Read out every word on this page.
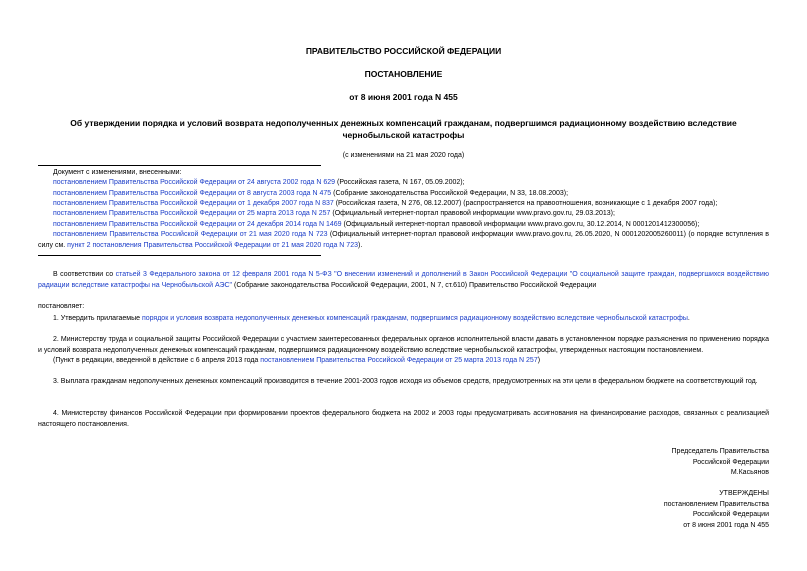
ПРАВИТЕЛЬСТВО РОССИЙСКОЙ ФЕДЕРАЦИИ
ПОСТАНОВЛЕНИЕ
от 8 июня 2001 года N 455
Об утверждении порядка и условий возврата недополученных денежных компенсаций гражданам, подвергшимся радиационному воздействию вследствие чернобыльской катастрофы
(с изменениями на 21 мая 2020 года)

Документ с изменениями, внесенными:

постановлением Правительства Российской Федерации от 24 августа 2002 года N 629 (Российская газета, N 167, 05.09.2002);

постановлением Правительства Российской Федерации от 8 августа 2003 года N 475 (Собрание законодательства Российской Федерации, N 33, 18.08.2003);

постановлением Правительства Российской Федерации от 1 декабря 2007 года N 837 (Российская газета, N 276, 08.12.2007) (распространяется на правоотношения, возникающие с 1 декабря 2007 года);

постановлением Правительства Российской Федерации от 25 марта 2013 года N 257 (Официальный интернет-портал правовой информации www.pravo.gov.ru, 29.03.2013);

постановлением Правительства Российской Федерации от 24 декабря 2014 года N 1469 (Официальный интернет-портал правовой информации www.pravo.gov.ru, 30.12.2014, N 0001201412300056);

постановлением Правительства Российской Федерации от 21 мая 2020 года N 723 (Официальный интернет-портал правовой информации www.pravo.gov.ru, 26.05.2020, N 0001202005260011) (о порядке вступления в силу см. пункт 2 постановления Правительства Российской Федерации от 21 мая 2020 года N 723).

В соответствии со статьей 3 Федерального закона от 12 февраля 2001 года N 5-ФЗ "О внесении изменений и дополнений в Закон Российской Федерации "О социальной защите граждан, подвергшихся воздействию радиации вследствие катастрофы на Чернобыльской АЭС" (Собрание законодательства Российской Федерации, 2001, N 7, ст.610) Правительство Российской Федерации

постановляет:

1. Утвердить прилагаемые порядок и условия возврата недополученных денежных компенсаций гражданам, подвергшимся радиационному воздействию вследствие чернобыльской катастрофы.

2. Министерству труда и социальной защиты Российской Федерации с участием заинтересованных федеральных органов исполнительной власти давать в установленном порядке разъяснения по применению порядка и условий возврата недополученных денежных компенсаций гражданам, подвергшимся радиационному воздействию вследствие чернобыльской катастрофы, утвержденных настоящим постановлением.

(Пункт в редакции, введенной в действие с 6 апреля 2013 года постановлением Правительства Российской Федерации от 25 марта 2013 года N 257)

3. Выплата гражданам недополученных денежных компенсаций производится в течение 2001-2003 годов исходя из объемов средств, предусмотренных на эти цели в федеральном бюджете на соответствующий год.

4. Министерству финансов Российской Федерации при формировании проектов федерального бюджета на 2002 и 2003 годы предусматривать ассигнования на финансирование расходов, связанных с реализацией настоящего постановления.

Председатель Правительства
Российской Федерации
М.Касьянов
УТВЕРЖДЕНЫ
постановлением Правительства
Российской Федерации
от 8 июня 2001 года N 455
